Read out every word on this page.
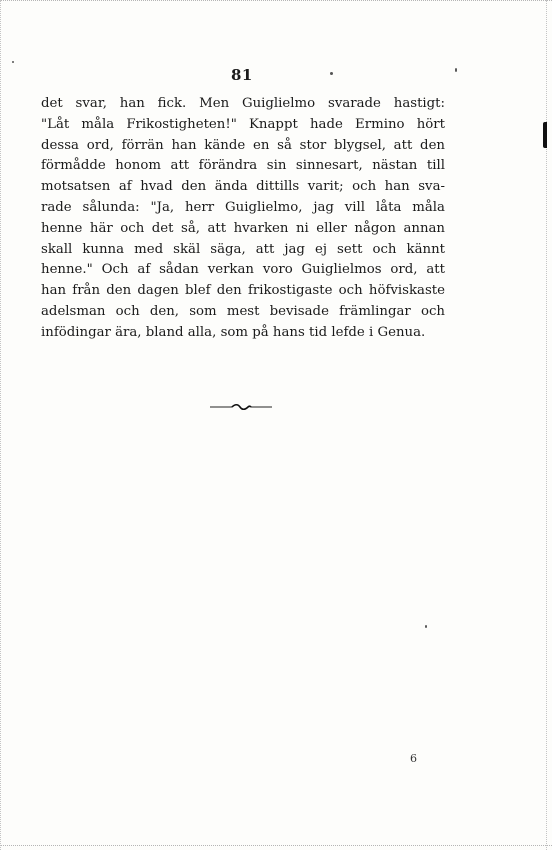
81
det svar, han fick. Men Guiglielmo svarade hastigt:
"Låt måla Frikostigheten!" Knappt hade Ermino hört
dessa ord, förrän han kände en så stor blygsel, att den
förmådde honom att förändra sin sinnesart, nästan till
motsatsen af hvad den ända dittills varit; och han sva-
rade sålunda: "Ja, herr Guiglielmo, jag vill låta måla
henne här och det så, att hvarken ni eller någon annan
skall kunna med skäl säga, att jag ej sett och kännt
henne." Och af sådan verkan voro Guiglielmos ord, att
han från den dagen blef den frikostigaste och höfviskaste
adelsman och den, som mest bevisade främlingar och
infödingar ära, bland alla, som på hans tid lefde i Genua.
6
